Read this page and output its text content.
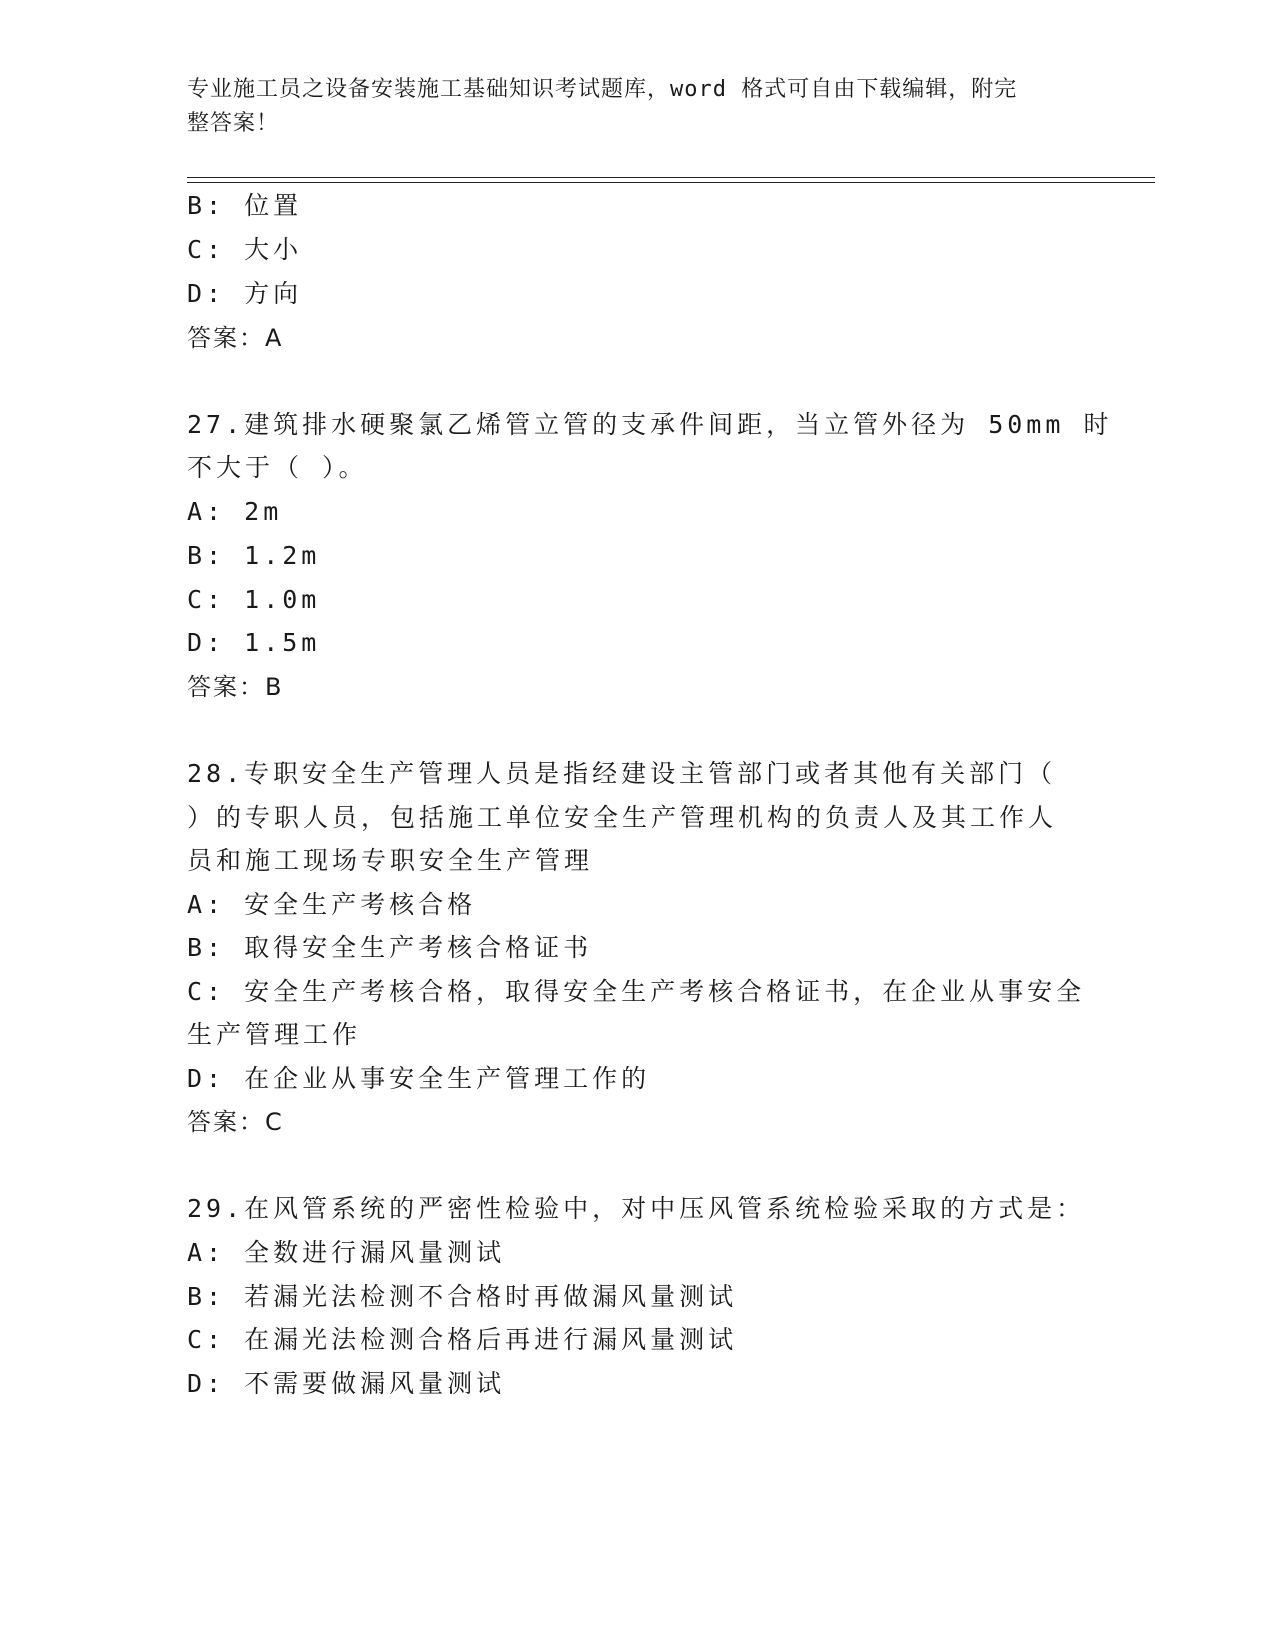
专业施工员之设备安装施工基础知识考试题库，word 格式可自由下载编辑，附完
整答案！
B: 位置
C: 大小
D: 方向
答案：A
27.建筑排水硬聚氯乙烯管立管的支承件间距，当立管外径为 50mm 时
不大于（ ）。
A: 2m
B: 1.2m
C: 1.0m
D: 1.5m
答案：B
28.专职安全生产管理人员是指经建设主管部门或者其他有关部门（
）的专职人员，包括施工单位安全生产管理机构的负责人及其工作人
员和施工现场专职安全生产管理
A: 安全生产考核合格
B: 取得安全生产考核合格证书
C: 安全生产考核合格，取得安全生产考核合格证书，在企业从事安全
生产管理工作
D: 在企业从事安全生产管理工作的
答案：C
29.在风管系统的严密性检验中，对中压风管系统检验采取的方式是：
A: 全数进行漏风量测试
B: 若漏光法检测不合格时再做漏风量测试
C: 在漏光法检测合格后再进行漏风量测试
D: 不需要做漏风量测试
